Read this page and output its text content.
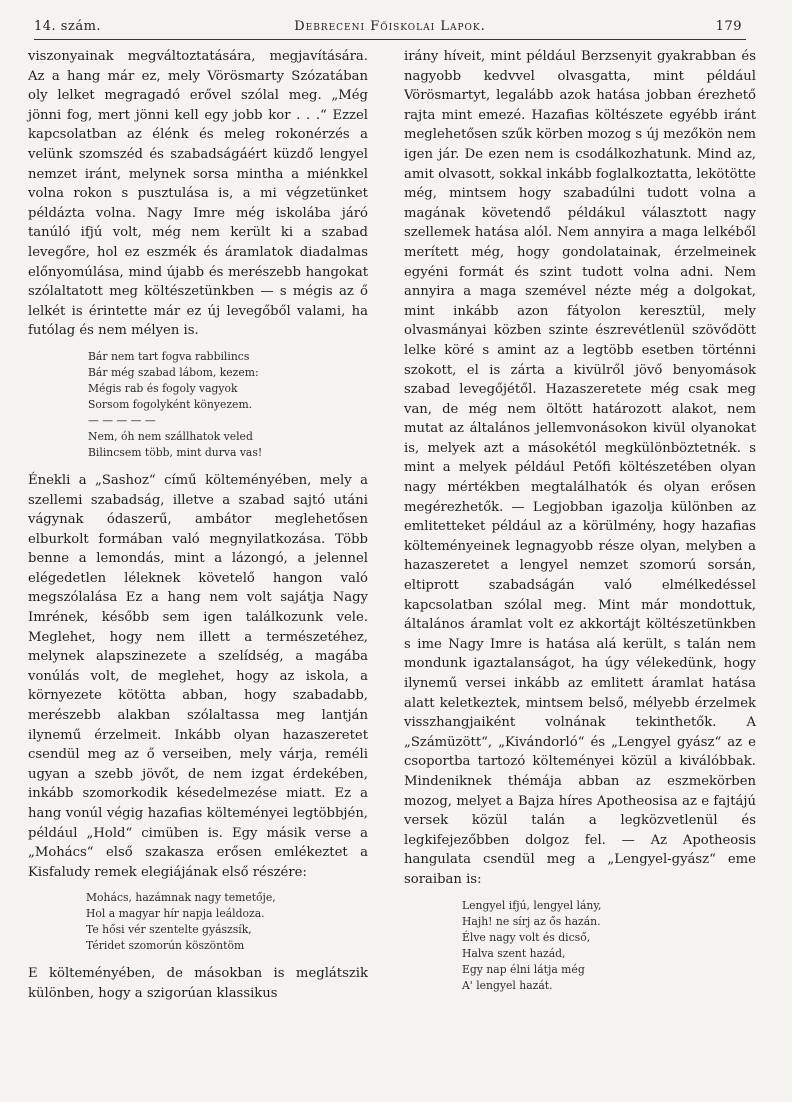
14. szám.	Debreceni Főiskolai Lapok.	179

viszonyainak megváltoztatására, megjavítására. Az a hang már ez, mely Vörösmarty Szózatában oly lelket megragadó erővel szólal meg. „Még jönni fog, mert jönni kell egy jobb kor . . .“ Ezzel kapcsolatban az élénk és meleg rokonérzés a velünk szomszéd és szabadságáért küzdő lengyel nemzet iránt, melynek sorsa mintha a miénkkel volna rokon s pusztulása is, a mi végzetünket példázta volna. Nagy Imre még iskolába járó tanúló ifjú volt, még nem került ki a szabad levegőre, hol ez eszmék és áramlatok diadalmas előnyomúlása, mind újabb és merészebb hangokat szólaltatott meg költészetünkben — s mégis az ő lelkét is érintette már ez új levegőből valami, ha futólag és nem mélyen is.

Bár nem tart fogva rabbilincs
Bár még szabad lábom, kezem:
Mégis rab és fogoly vagyok
Sorsom fogolyként könyezem.
— — — — —
Nem, óh nem szállhatok veled
Bilincsem több, mint durva vas!

Énekli a „Sashoz“ című költeményében, mely a szellemi szabadság, illetve a szabad sajtó utáni vágynak ódaszerű, ambátor meglehetősen elburkolt formában való megnyilatkozása. Több benne a lemondás, mint a lázongó, a jelennel elégedetlen léleknek követelő hangon való megszólalása Ez a hang nem volt sajátja Nagy Imrének, később sem igen találkozunk vele. Meglehet, hogy nem illett a természetéhez, melynek alapszinezete a szelídség, a magába vonúlás volt, de meglehet, hogy az iskola, a környezete kötötta abban, hogy szabadabb, merészebb alakban szólaltassa meg lantján ilynemű érzelmeit. Inkább olyan hazaszeretet csendül meg az ő verseiben, mely várja, reméli ugyan a szebb jövőt, de nem izgat érdekében, inkább szomorkodik késedelmezése miatt. Ez a hang vonúl végig hazafias költeményei legtöbbjén, például „Hold“ cimüben is. Egy másik verse a „Mohács“ első szakasza erősen emlékeztet a Kisfaludy remek elegiájának első részére:

Mohács, hazámnak nagy temetője,
Hol a magyar hír napja leáldoza.
Te hősi vér szentelte gyászsík,
Téridet szomorún köszöntöm

E költeményében, de másokban is meglátszik különben, hogy a szigorúan klassikus

irány híveit, mint például Berzsenyit gyakrabban és nagyobb kedvvel olvasgatta, mint például Vörösmartyt, legalább azok hatása jobban érezhető rajta mint emezé. Hazafias költészete egyébb iránt meglehetősen szűk körben mozog s új mezőkön nem igen jár. De ezen nem is csodálkozhatunk. Mind az, amit olvasott, sokkal inkább foglalkoztatta, lekötötte még, mintsem hogy szabadúlni tudott volna a magának követendő példákul választott nagy szellemek hatása alól. Nem annyira a maga lelkéből merített még, hogy gondolatainak, érzelmeinek egyéni formát és szint tudott volna adni. Nem annyira a maga szemével nézte még a dolgokat, mint inkább azon fátyolon keresztül, mely olvasmányai közben szinte észrevétlenül szövődött lelke köré s amint az a legtöbb esetben történni szokott, el is zárta a kivülről jövő benyomások szabad levegőjétől. Hazaszeretete még csak meg van, de még nem öltött határozott alakot, nem mutat az általános jellemvonásokon kivül olyanokat is, melyek azt a másokétól megkülönböztetnék. s mint a melyek például Petőfi költészetében olyan nagy mértékben megtalálhatók és olyan erősen megérezhetők. — Legjobban igazolja különben az emlitetteket például az a körülmény, hogy hazafias költeményeinek legnagyobb része olyan, melyben a hazaszeretet a lengyel nemzet szomorú sorsán, eltiprott szabadságán való elmélkedéssel kapcsolatban szólal meg. Mint már mondottuk, általános áramlat volt ez akkortájt költészetünkben s ime Nagy Imre is hatása alá került, s talán nem mondunk igaztalanságot, ha úgy vélekedünk, hogy ilynemű versei inkább az emlitett áramlat hatása alatt keletkeztek, mintsem belső, mélyebb érzelmek visszhangjaiként volnának tekinthetők. A „Számüzött“, „Kivándorló“ és „Lengyel gyász“ az e csoportba tartozó költeményei közül a kiválóbbak. Mindeniknek thémája abban az eszmekörben mozog, melyet a Bajza híres Apotheosisa az e fajtájú versek közül talán a legközvetlenül és legkifejezőbben dolgoz fel. — Az Apotheosis hangulata csendül meg a „Lengyel-gyász“ eme soraiban is:

Lengyel ifjú, lengyel lány,
Hajh! ne sírj az ős hazán.
Élve nagy volt és dicső,
Halva szent hazád,
Egy nap élni látja még
A' lengyel hazát.
